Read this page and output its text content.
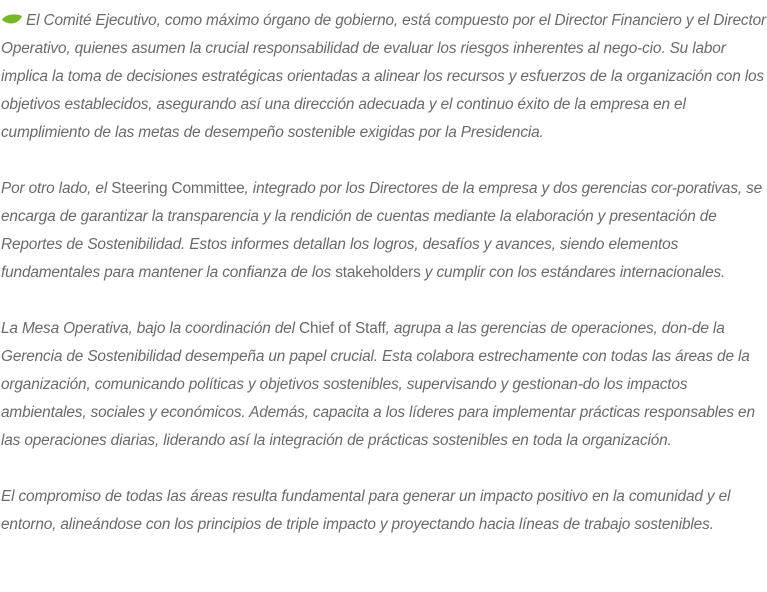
El Comité Ejecutivo, como máximo órgano de gobierno, está compuesto por el Director Financiero y el Director Operativo, quienes asumen la crucial responsabilidad de evaluar los riesgos inherentes al nego-cio. Su labor implica la toma de decisiones estratégicas orientadas a alinear los recursos y esfuerzos de la organización con los objetivos establecidos, asegurando así una dirección adecuada y el continuo éxito de la empresa en el cumplimiento de las metas de desempeño sostenible exigidas por la Presidencia.

Por otro lado, el Steering Committee, integrado por los Directores de la empresa y dos gerencias cor-porativas, se encarga de garantizar la transparencia y la rendición de cuentas mediante la elaboración y presentación de Reportes de Sostenibilidad. Estos informes detallan los logros, desafíos y avances, siendo elementos fundamentales para mantener la confianza de los stakeholders y cumplir con los estándares internacionales.

La Mesa Operativa, bajo la coordinación del Chief of Staff, agrupa a las gerencias de operaciones, don-de la Gerencia de Sostenibilidad desempeña un papel crucial. Esta colabora estrechamente con todas las áreas de la organización, comunicando políticas y objetivos sostenibles, supervisando y gestionan-do los impactos ambientales, sociales y económicos. Además, capacita a los líderes para implementar prácticas responsables en las operaciones diarias, liderando así la integración de prácticas sostenibles en toda la organización.

El compromiso de todas las áreas resulta fundamental para generar un impacto positivo en la comunidad y el entorno, alineándose con los principios de triple impacto y proyectando hacia líneas de trabajo sostenibles.
